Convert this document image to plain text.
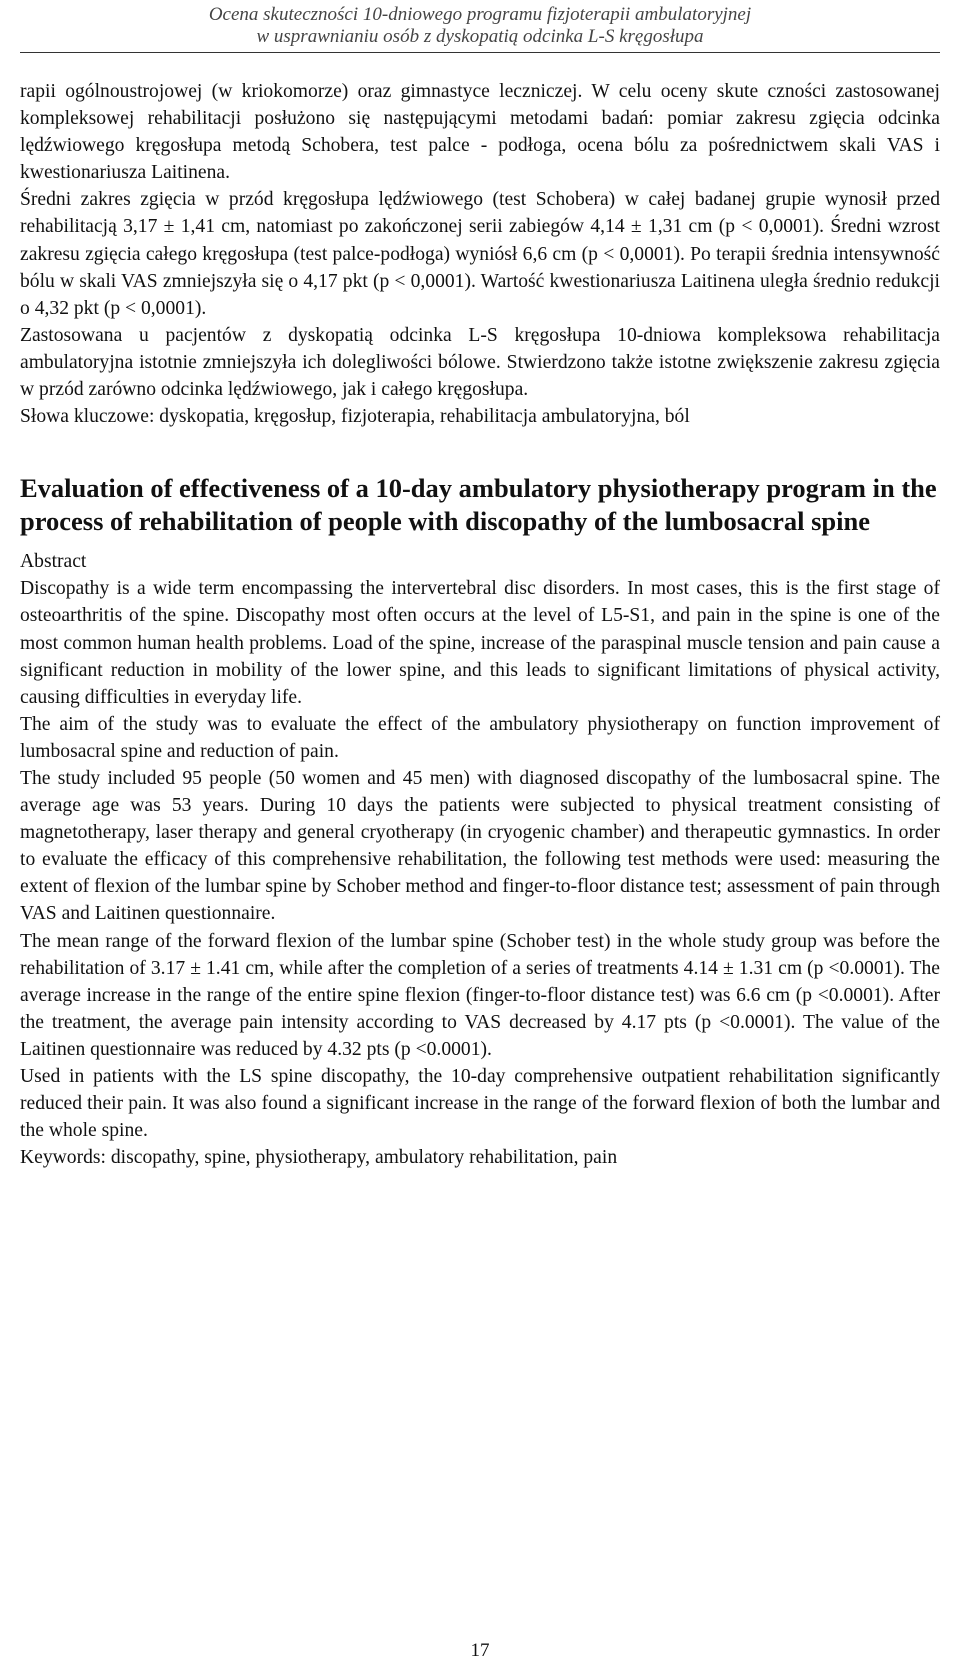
Ocena skuteczności 10-dniowego programu fizjoterapii ambulatoryjnej
w usprawnianiu osób z dyskopatią odcinka L-S kręgosłupa

rapii ogólnoustrojowej (w kriokomorze) oraz gimnastyce leczniczej. W celu oceny skute czności zastosowanej kompleksowej rehabilitacji posłużono się następującymi metodami badań: pomiar zakresu zgięcia odcinka lędźwiowego kręgosłupa metodą Schobera, test palce - podłoga, ocena bólu za pośrednictwem skali VAS i kwestionariusza Laitinena.

Średni zakres zgięcia w przód kręgosłupa lędźwiowego (test Schobera) w całej badanej grupie wynosił przed rehabilitacją 3,17 ± 1,41 cm, natomiast po zakończonej serii zabiegów 4,14 ± 1,31 cm (p < 0,0001). Średni wzrost zakresu zgięcia całego kręgosłupa (test palce-podłoga) wyniósł 6,6 cm (p < 0,0001). Po terapii średnia intensywność bólu w skali VAS zmniejszyła się o 4,17 pkt (p < 0,0001). Wartość kwestionariusza Laitinena uległa średnio redukcji o 4,32 pkt (p < 0,0001).

Zastosowana u pacjentów z dyskopatią odcinka L-S kręgosłupa 10-dniowa kompleksowa rehabilitacja ambulatoryjna istotnie zmniejszyła ich dolegliwości bólowe. Stwierdzono także istotne zwiększenie zakresu zgięcia w przód zarówno odcinka lędźwiowego, jak i całego kręgosłupa.

Słowa kluczowe: dyskopatia, kręgosłup, fizjoterapia, rehabilitacja ambulatoryjna, ból

Evaluation of effectiveness of a 10-day ambulatory physiotherapy program in the process of rehabilitation of people with discopathy of the lumbosacral spine

Abstract

Discopathy is a wide term encompassing the intervertebral disc disorders. In most cases, this is the first stage of osteoarthritis of the spine. Discopathy most often occurs at the level of L5-S1, and pain in the spine is one of the most common human health problems. Load of the spine, increase of the paraspinal muscle tension and pain cause a significant reduction in mobility of the lower spine, and this leads to significant limitations of physical activity, causing difficulties in everyday life.

The aim of the study was to evaluate the effect of the ambulatory physiotherapy on function improvement of lumbosacral spine and reduction of pain.

The study included 95 people (50 women and 45 men) with diagnosed discopathy of the lumbosacral spine. The average age was 53 years. During 10 days the patients were subjected to physical treatment consisting of magnetotherapy, laser therapy and general cryotherapy (in cryogenic chamber) and therapeutic gymnastics. In order to evaluate the efficacy of this comprehensive rehabilitation, the following test methods were used: measuring the extent of flexion of the lumbar spine by Schober method and finger-to-floor distance test; assessment of pain through VAS and Laitinen questionnaire.

The mean range of the forward flexion of the lumbar spine (Schober test) in the whole study group was before the rehabilitation of 3.17 ± 1.41 cm, while after the completion of a series of treatments 4.14 ± 1.31 cm (p <0.0001). The average increase in the range of the entire spine flexion (finger-to-floor distance test) was 6.6 cm (p <0.0001). After the treatment, the average pain intensity according to VAS decreased by 4.17 pts (p <0.0001). The value of the Laitinen questionnaire was reduced by 4.32 pts (p <0.0001).

Used in patients with the LS spine discopathy, the 10-day comprehensive outpatient rehabilitation significantly reduced their pain. It was also found a significant increase in the range of the forward flexion of both the lumbar and the whole spine.

Keywords: discopathy, spine, physiotherapy, ambulatory rehabilitation, pain

17
